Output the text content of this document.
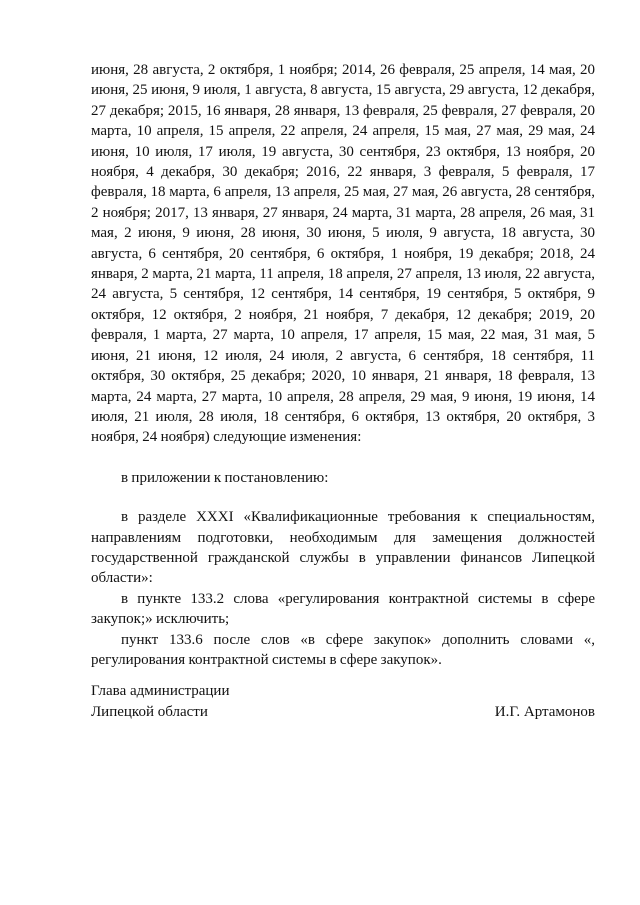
июня, 28 августа, 2 октября, 1 ноября; 2014, 26 февраля, 25 апреля, 14 мая, 20 июня, 25 июня, 9 июля, 1 августа, 8 августа, 15 августа, 29 августа, 12 декабря, 27 декабря; 2015, 16 января, 28 января, 13 февраля, 25 февраля, 27 февраля, 20 марта, 10 апреля, 15 апреля, 22 апреля, 24 апреля, 15 мая, 27 мая, 29 мая, 24 июня, 10 июля, 17 июля, 19 августа, 30 сентября, 23 октября, 13 ноября, 20 ноября, 4 декабря, 30 декабря; 2016, 22 января, 3 февраля, 5 февраля, 17 февраля, 18 марта, 6 апреля, 13 апреля, 25 мая, 27 мая, 26 августа, 28 сентября, 2 ноября; 2017, 13 января, 27 января, 24 марта, 31 марта, 28 апреля, 26 мая, 31 мая, 2 июня, 9 июня, 28 июня, 30 июня, 5 июля, 9 августа, 18 августа, 30 августа, 6 сентября, 20 сентября, 6 октября, 1 ноября, 19 декабря; 2018, 24 января, 2 марта, 21 марта, 11 апреля, 18 апреля, 27 апреля, 13 июля, 22 августа, 24 августа, 5 сентября, 12 сентября, 14 сентября, 19 сентября, 5 октября, 9 октября, 12 октября, 2 ноября, 21 ноября, 7 декабря, 12 декабря; 2019, 20 февраля, 1 марта, 27 марта, 10 апреля, 17 апреля, 15 мая, 22 мая, 31 мая, 5 июня, 21 июня, 12 июля, 24 июля, 2 августа, 6 сентября, 18 сентября, 11 октября, 30 октября, 25 декабря; 2020, 10 января, 21 января, 18 февраля, 13 марта, 24 марта, 27 марта, 10 апреля, 28 апреля, 29 мая, 9 июня, 19 июня, 14 июля, 21 июля, 28 июля, 18 сентября, 6 октября, 13 октября, 20 октября, 3 ноября, 24 ноября) следующие изменения:

в приложении к постановлению:

в разделе XXXI «Квалификационные требования к специальностям, направлениям подготовки, необходимым для замещения должностей государственной гражданской службы в управлении финансов Липецкой области»:

в пункте 133.2 слова «регулирования контрактной системы в сфере закупок;» исключить;

пункт 133.6 после слов «в сфере закупок» дополнить словами «, регулирования контрактной системы в сфере закупок».

Глава администрации
Липецкой области	И.Г. Артамонов
